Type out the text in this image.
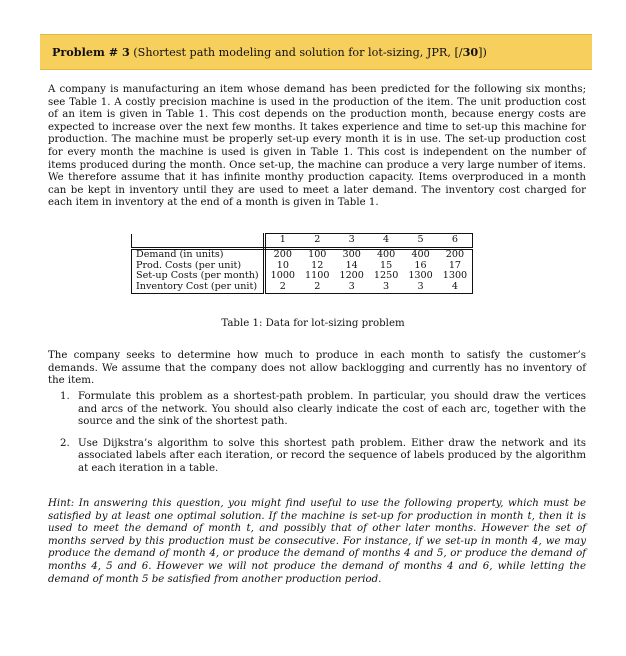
Problem # 3 (Shortest path modeling and solution for lot-sizing, JPR, [/30])
A company is manufacturing an item whose demand has been predicted for the following six months; see Table 1. A costly precision machine is used in the production of the item. The unit production cost of an item is given in Table 1. This cost depends on the production month, because energy costs are expected to increase over the next few months. It takes experience and time to set-up this machine for production. The machine must be properly set-up every month it is in use. The set-up production cost for every month the machine is used is given in Table 1. This cost is independent on the number of items produced during the month. Once set-up, the machine can produce a very large number of items. We therefore assume that it has infinite monthy production capacity. Items overproduced in a month can be kept in inventory until they are used to meet a later demand. The inventory cost charged for each item in inventory at the end of a month is given in Table 1.
	1	2	3	4	5	6
Demand (in units)	200	100	300	400	400	200
Prod. Costs (per unit)	10	12	14	15	16	17
Set-up Costs (per month)	1000	1100	1200	1250	1300	1300
Inventory Cost (per unit)	2	2	3	3	3	4
Table 1: Data for lot-sizing problem
The company seeks to determine how much to produce in each month to satisfy the customer’s demands. We assume that the company does not allow backlogging and currently has no inventory of the item.
1. Formulate this problem as a shortest-path problem. In particular, you should draw the vertices and arcs of the network. You should also clearly indicate the cost of each arc, together with the source and the sink of the shortest path.
2. Use Dijkstra’s algorithm to solve this shortest path problem. Either draw the network and its associated labels after each iteration, or record the sequence of labels produced by the algorithm at each iteration in a table.
Hint: In answering this question, you might find useful to use the following property, which must be satisfied by at least one optimal solution. If the machine is set-up for production in month t, then it is used to meet the demand of month t, and possibly that of other later months. However the set of months served by this production must be consecutive. For instance, if we set-up in month 4, we may produce the demand of month 4, or produce the demand of months 4 and 5, or produce the demand of months 4, 5 and 6. However we will not produce the demand of months 4 and 6, while letting the demand of month 5 be satisfied from another production period.
